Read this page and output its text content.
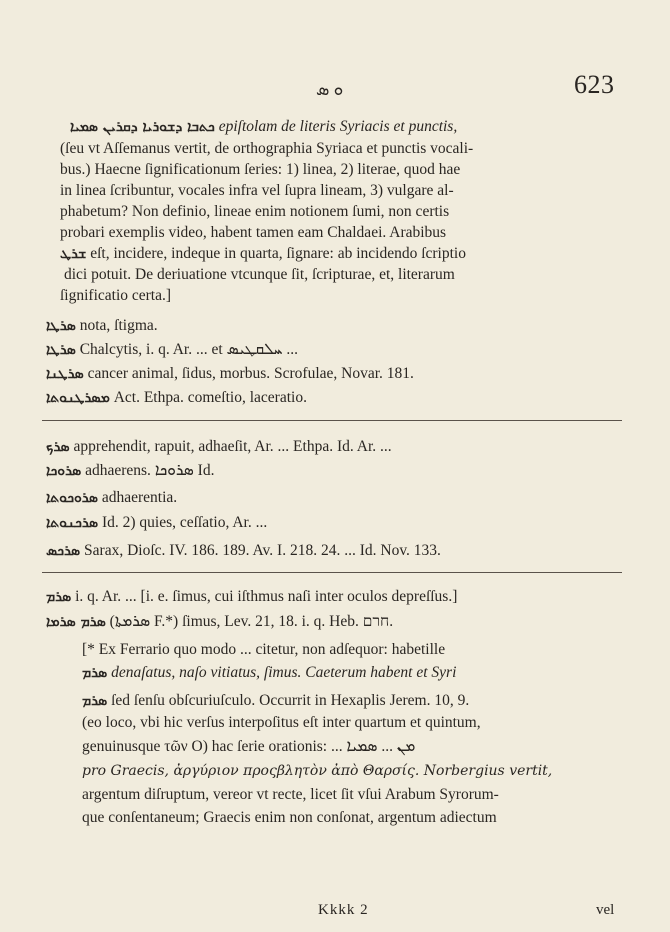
ܘ ܣ	623
ܟܬܒܐ ܕܫܘܪܝܐ ܕܩܪܝܢ ܣܡܝܐ epiſtolam de literis Syriacis et punctis,
(ſeu vt Aſſemanus vertit, de orthographia Syriaca et punctis vocali-
bus.) Haecne ſignificationum ſeries: 1) linea, 2) literae, quod hae
in linea ſcribuntur, vocales infra vel ſupra lineam, 3) vulgare al-
phabetum? Non definio, lineae enim notionem ſumi, non certis
probari exemplis video, habent tamen eam Chaldaei. Arabibus
ܫܪܛ eſt, incidere, indeque in quarta, ſignare: ab incidendo ſcriptio
dici potuit. De deriuatione vtcunque ſit, ſcripturae, et, literarum
ſignificatio certa.]
ܣܪܛܐ nota, ſtigma.
ܣܪܛܐ Chalcytis, i. q. Ar. ... et ܚܠܩܛܝܣ ...
ܣܪܛܢܐ cancer animal, ſidus, morbus. Scrofulae, Novar. 181.
ܡܣܪܛܢܘܬܐ Act. Ethpa. comeſtio, laceratio.
ܣܪܟ apprehendit, rapuit, adhaeſit, Ar. ... Ethpa. Id. Ar. ...
ܣܪܘܟܐ adhaerens. ܣܪܘܟܐ Id.
ܣܪܘܟܘܬܐ adhaerentia.
ܣܪܟܢܘܬܐ Id. 2) quies, ceſſatio, Ar. ...
ܣܪܟܣ Sarax, Dioſc. IV. 186. 189. Av. I. 218. 24. ... Id. Nov. 133.
ܣܪܡ i. q. Ar. ... [i. e. ſimus, cui iſthmus naſi inter oculos depreſſus.]
ܣܪܡ ܣܪܡܐ (ܣܪܡܬܐ F.*) ſimus, Lev. 21, 18. i. q. Heb. חרם.
[* Ex Ferrario quo modo ... citetur, non adſequor: habetille
ܣܪܡ denaſatus, naſo vitiatus, ſimus. Caeterum habent et Syri
ܣܪܡ ſed ſenſu obſcuriuſculo. Occurrit in Hexaplis Jerem. 10, 9.
(eo loco, vbi hic verſus interpoſitus eſt inter quartum et quintum,
genuinusque τῶν O) hac ſerie orationis: ... ܡܢ ... ܣܡܝܐ
pro Graecis, ἀργύριον προςβλητὸν ἀπὸ Θαρσίς. Norbergius vertit,
argentum diſruptum, vereor vt recte, licet ſit vſui Arabum Syrorum-
que conſentaneum; Graecis enim non conſonat, argentum adiectum
Kkkk 2	vel
